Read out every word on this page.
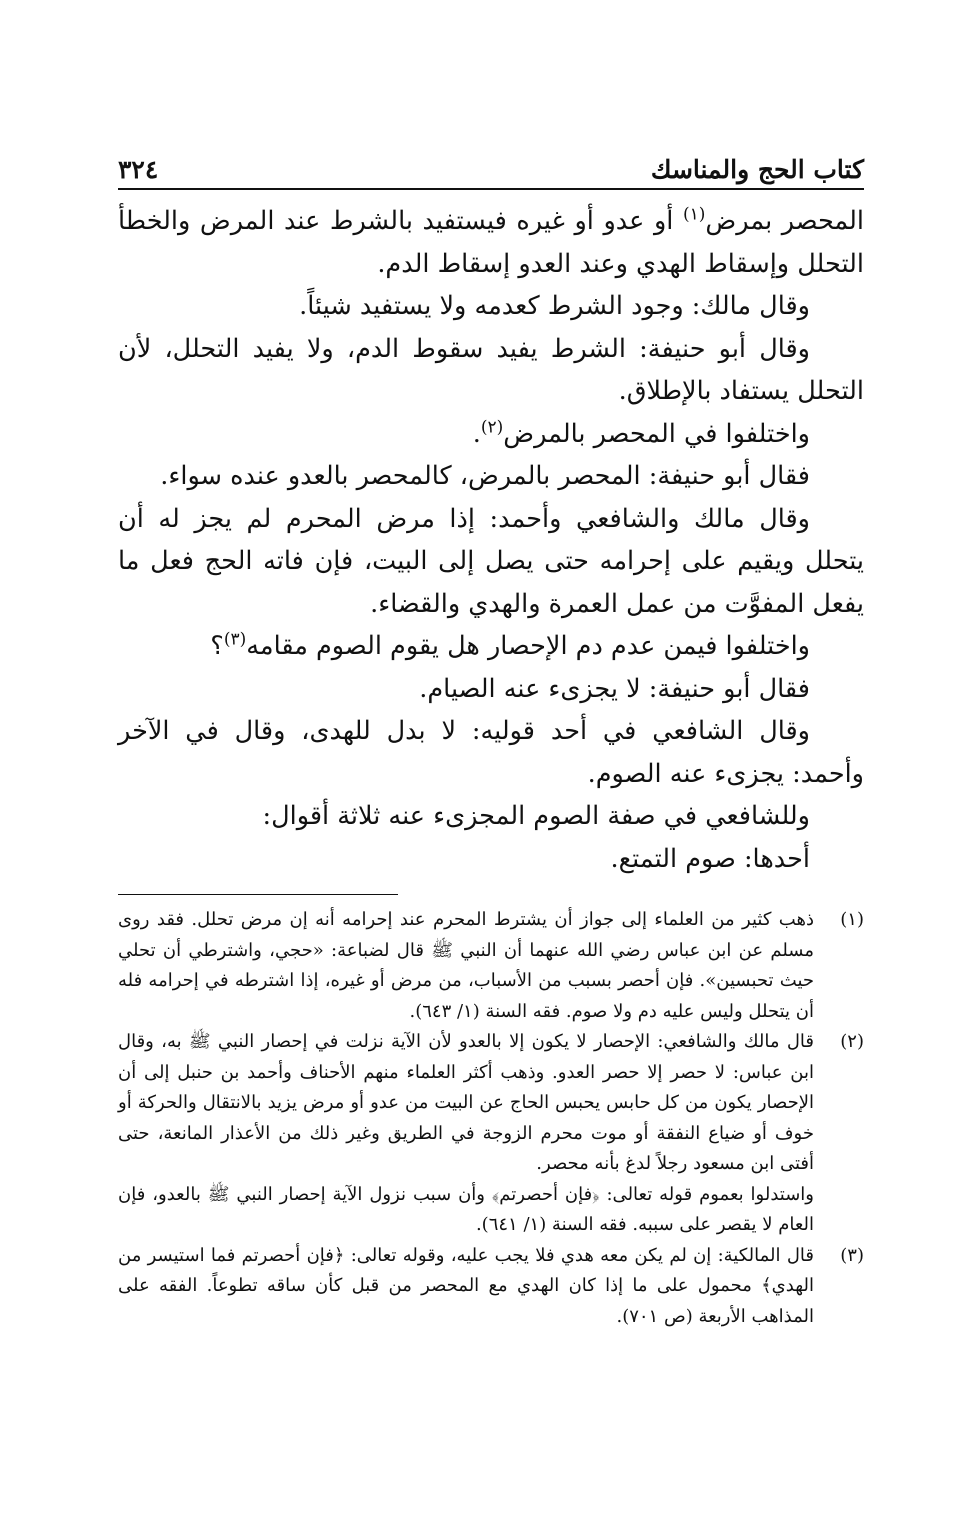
كتاب الحج والمناسك
٣٢٤

المحصر بمرض$^{(١)}$ أو عدو أو غيره فيستفيد بالشرط عند المرض والخطأ التحلل وإسقاط الهدي وعند العدو إسقاط الدم.

وقال مالك: وجود الشرط كعدمه ولا يستفيد شيئاً.

وقال أبو حنيفة: الشرط يفيد سقوط الدم، ولا يفيد التحلل، لأن التحلل يستفاد بالإطلاق.

واختلفوا في المحصر بالمرض$^{(٢)}$.

فقال أبو حنيفة: المحصر بالمرض، كالمحصر بالعدو عنده سواء.

وقال مالك والشافعي وأحمد: إذا مرض المحرم لم يجز له أن يتحلل ويقيم على إحرامه حتى يصل إلى البيت، فإن فاته الحج فعل ما يفعل المفوَّت من عمل العمرة والهدي والقضاء.

واختلفوا فيمن عدم دم الإحصار هل يقوم الصوم مقامه$^{(٣)}$؟

فقال أبو حنيفة: لا يجزىء عنه الصيام.

وقال الشافعي في أحد قوليه: لا بدل للهدى، وقال في الآخر وأحمد: يجزىء عنه الصوم.

وللشافعي في صفة الصوم المجزىء عنه ثلاثة أقوال:

أحدها: صوم التمتع.

(١)

ذهب كثير من العلماء إلى جواز أن يشترط المحرم عند إحرامه أنه إن مرض تحلل. فقد روى مسلم عن ابن عباس رضي الله عنهما أن النبي ﷺ قال لضباعة: «حجي، واشترطي أن تحلي حيث تحبسين». فإن أحصر بسبب من الأسباب، من مرض أو غيره، إذا اشترطه في إحرامه فله أن يتحلل وليس عليه دم ولا صوم. فقه السنة (١/ ٦٤٣).

(٢)

قال مالك والشافعي: الإحصار لا يكون إلا بالعدو لأن الآية نزلت في إحصار النبي ﷺ به، وقال ابن عباس: لا حصر إلا حصر العدو. وذهب أكثر العلماء منهم الأحناف وأحمد بن حنبل إلى أن الإحصار يكون من كل حابس يحبس الحاج عن البيت من عدو أو مرض يزيد بالانتقال والحركة أو خوف أو ضياع النفقة أو موت محرم الزوجة في الطريق وغير ذلك من الأعذار المانعة، حتى أفتى ابن مسعود رجلاً لدغ بأنه محصر.

واستدلوا بعموم قوله تعالى: ﴿فإن أحصرتم﴾ وأن سبب نزول الآية إحصار النبي ﷺ بالعدو، فإن العام لا يقصر على سببه. فقه السنة (١/ ٦٤١).

(٣)

قال المالكية: إن لم يكن معه هدي فلا يجب عليه، وقوله تعالى: ﴿فإن أحصرتم فما استيسر من الهدي﴾ محمول على ما إذا كان الهدي مع المحصر من قبل كأن ساقه تطوعاً. الفقه على المذاهب الأربعة (ص ٧٠١).
